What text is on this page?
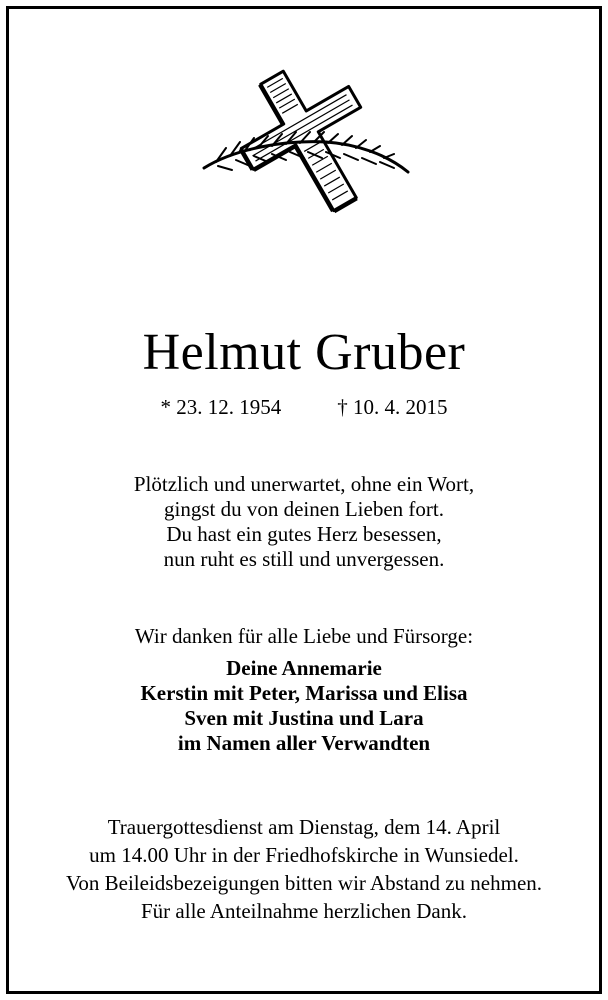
Helmut Gruber
* 23. 12. 1954	† 10. 4. 2015
Plötzlich und unerwartet, ohne ein Wort,
gingst du von deinen Lieben fort.
Du hast ein gutes Herz besessen,
nun ruht es still und unvergessen.
Wir danken für alle Liebe und Fürsorge:
Deine Annemarie
Kerstin mit Peter, Marissa und Elisa
Sven mit Justina und Lara
im Namen aller Verwandten
Trauergottesdienst am Dienstag, dem 14. April
um 14.00 Uhr in der Friedhofskirche in Wunsiedel.
Von Beileidsbezeigungen bitten wir Abstand zu nehmen.
Für alle Anteilnahme herzlichen Dank.
